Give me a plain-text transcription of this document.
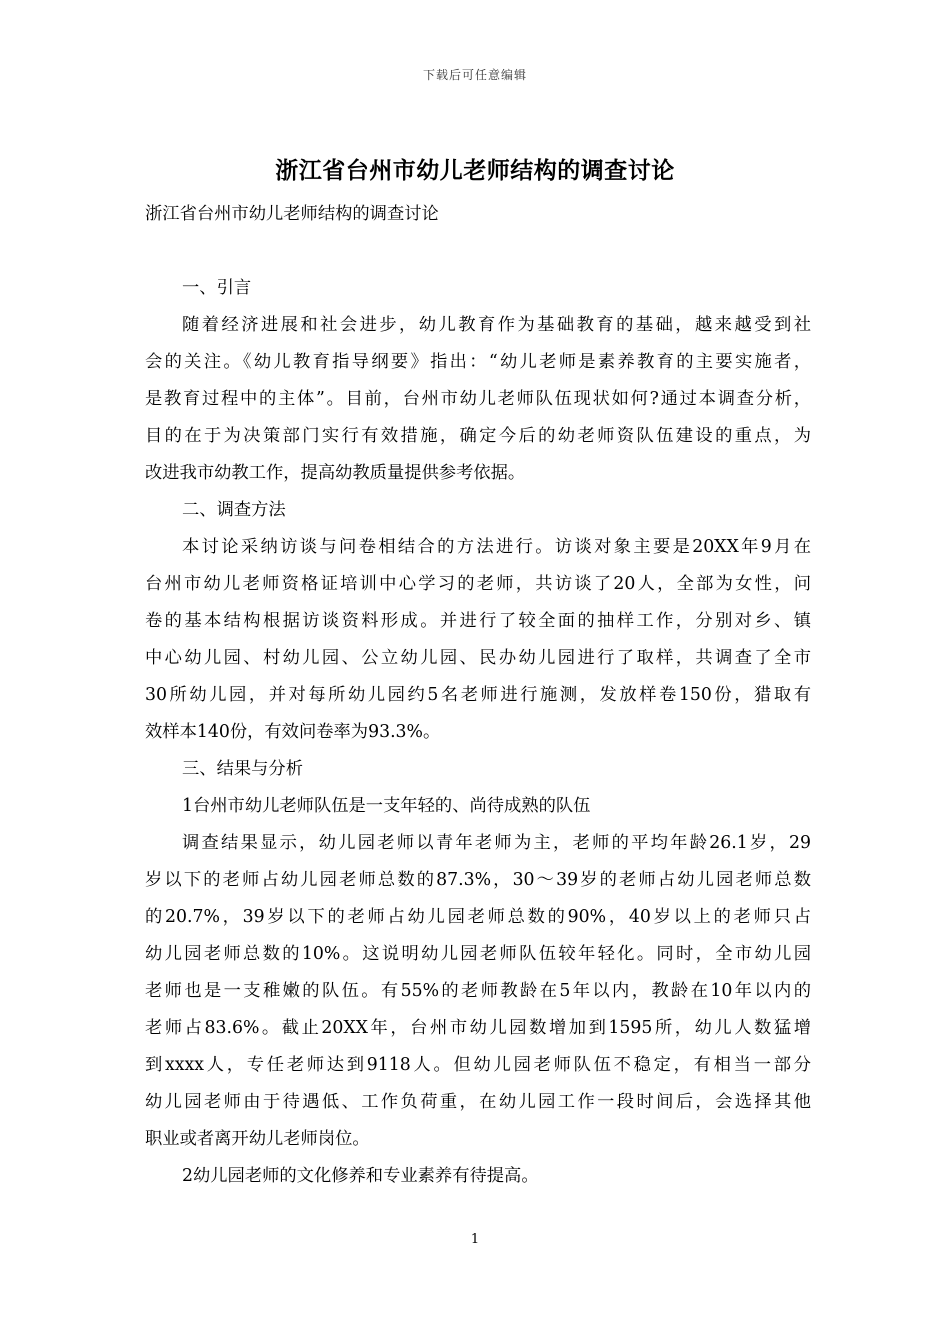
下载后可任意编辑
浙江省台州市幼儿老师结构的调查讨论
浙江省台州市幼儿老师结构的调查讨论
一、引言
随着经济进展和社会进步，幼儿教育作为基础教育的基础，越来越受到社
会的关注。《幼儿教育指导纲要》指出：“幼儿老师是素养教育的主要实施者，
是教育过程中的主体”。目前，台州市幼儿老师队伍现状如何?通过本调查分析，
目的在于为决策部门实行有效措施，确定今后的幼老师资队伍建设的重点，为
改进我市幼教工作，提高幼教质量提供参考依据。
二、调查方法
本讨论采纳访谈与问卷相结合的方法进行。访谈对象主要是20XX年9月在
台州市幼儿老师资格证培训中心学习的老师，共访谈了20人，全部为女性，问
卷的基本结构根据访谈资料形成。并进行了较全面的抽样工作，分别对乡、镇
中心幼儿园、村幼儿园、公立幼儿园、民办幼儿园进行了取样，共调查了全市
30所幼儿园，并对每所幼儿园约5名老师进行施测，发放样卷150份，猎取有
效样本140份，有效问卷率为93.3%。
三、结果与分析
1台州市幼儿老师队伍是一支年轻的、尚待成熟的队伍
调查结果显示，幼儿园老师以青年老师为主，老师的平均年龄26.1岁，29
岁以下的老师占幼儿园老师总数的87.3%，30～39岁的老师占幼儿园老师总数
的20.7%，39岁以下的老师占幼儿园老师总数的90%，40岁以上的老师只占
幼儿园老师总数的10%。这说明幼儿园老师队伍较年轻化。同时，全市幼儿园
老师也是一支稚嫩的队伍。有55%的老师教龄在5年以内，教龄在10年以内的
老师占83.6%。截止20XX年，台州市幼儿园数增加到1595所，幼儿人数猛增
到xxxx人，专任老师达到9118人。但幼儿园老师队伍不稳定，有相当一部分
幼儿园老师由于待遇低、工作负荷重，在幼儿园工作一段时间后，会选择其他
职业或者离开幼儿老师岗位。
2幼儿园老师的文化修养和专业素养有待提高。
1
